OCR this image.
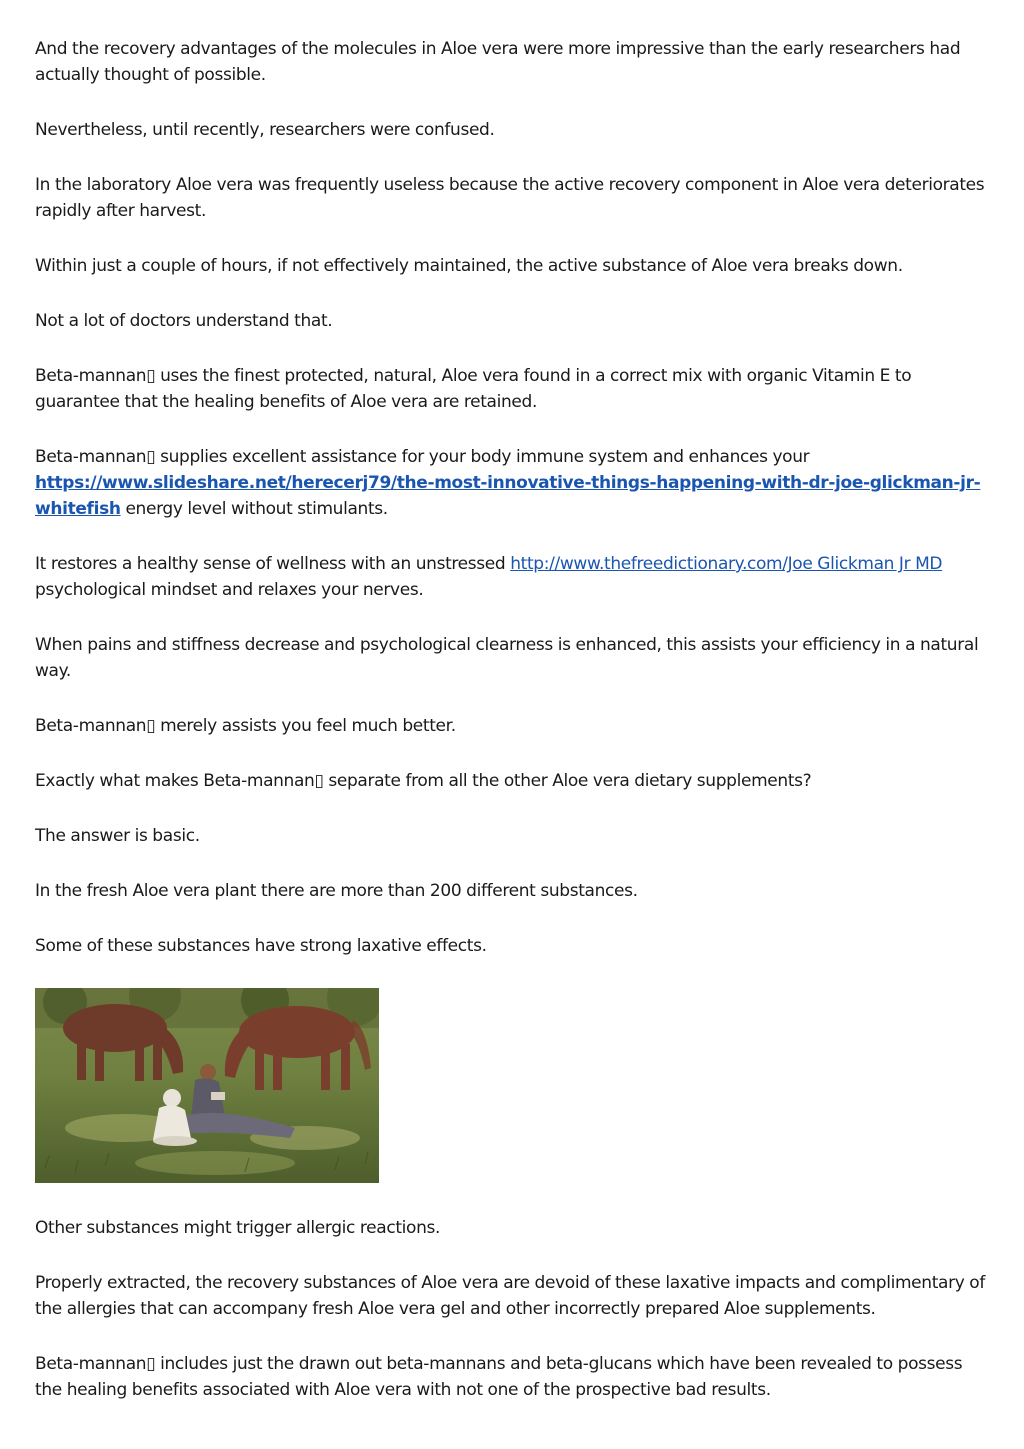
And the recovery advantages of the molecules in Aloe vera were more impressive than the early researchers had actually thought of possible.

Nevertheless, until recently, researchers were confused.

In the laboratory Aloe vera was frequently useless because the active recovery component in Aloe vera deteriorates rapidly after harvest.

Within just a couple of hours, if not effectively maintained, the active substance of Aloe vera breaks down.

Not a lot of doctors understand that.

Beta-mannan▯ uses the finest protected, natural, Aloe vera found in a correct mix with organic Vitamin E to guarantee that the healing benefits of Aloe vera are retained.

Beta-mannan▯ supplies excellent assistance for your body immune system and enhances your https://www.slideshare.net/herecerj79/the-most-innovative-things-happening-with-dr-joe-glickman-jr-whitefish energy level without stimulants.

It restores a healthy sense of wellness with an unstressed http://www.thefreedictionary.com/Joe Glickman Jr MD psychological mindset and relaxes your nerves.

When pains and stiffness decrease and psychological clearness is enhanced, this assists your efficiency in a natural way.

Beta-mannan▯ merely assists you feel much better.

Exactly what makes Beta-mannan▯ separate from all the other Aloe vera dietary supplements?

The answer is basic.

In the fresh Aloe vera plant there are more than 200 different substances.

Some of these substances have strong laxative effects.

Other substances might trigger allergic reactions.

Properly extracted, the recovery substances of Aloe vera are devoid of these laxative impacts and complimentary of the allergies that can accompany fresh Aloe vera gel and other incorrectly prepared Aloe supplements.

Beta-mannan▯ includes just the drawn out beta-mannans and beta-glucans which have been revealed to possess the healing benefits associated with Aloe vera with not one of the prospective bad results.
